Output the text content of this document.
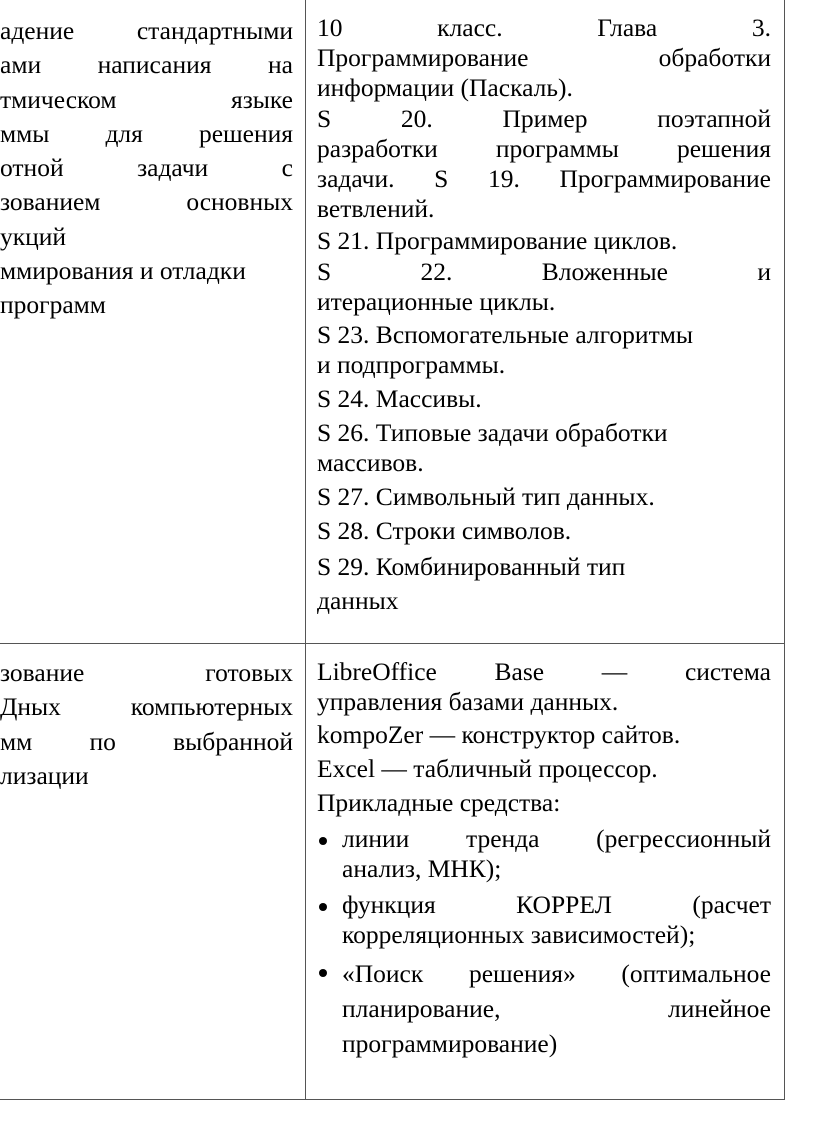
адение стандартными
ами написания на
тмическом языке
ммы для решения
отной задачи с
зованием основных
укций
ммирования и отладки
программ
10 класс. Глава 3.
Программирование обработки
информации (Паскаль).
S 20. Пример поэтапной
разработки программы решения
задачи. S 19. Программирование
ветвлений.
S 21. Программирование циклов.
S 22. Вложенные и
итерационные циклы.
S 23. Вспомогательные алгоритмы
и подпрограммы.
S 24. Массивы.
S 26. Типовые задачи обработки
массивов.
S 27. Символьный тип данных.
S 28. Строки символов.
S 29. Комбинированный тип
данных
зование готовых
Дных компьютерных
мм по выбранной
лизации
LibreOffice Base — система
управления базами данных.
kompoZer — конструктор сайтов.
Excel — табличный процессор.
Прикладные средства:
линии тренда (регрессионный
анализ, МНК);
функция КОРРЕЛ (расчет
корреляционных зависимостей);
«Поиск решения» (оптимальное
планирование, линейное
программирование)
